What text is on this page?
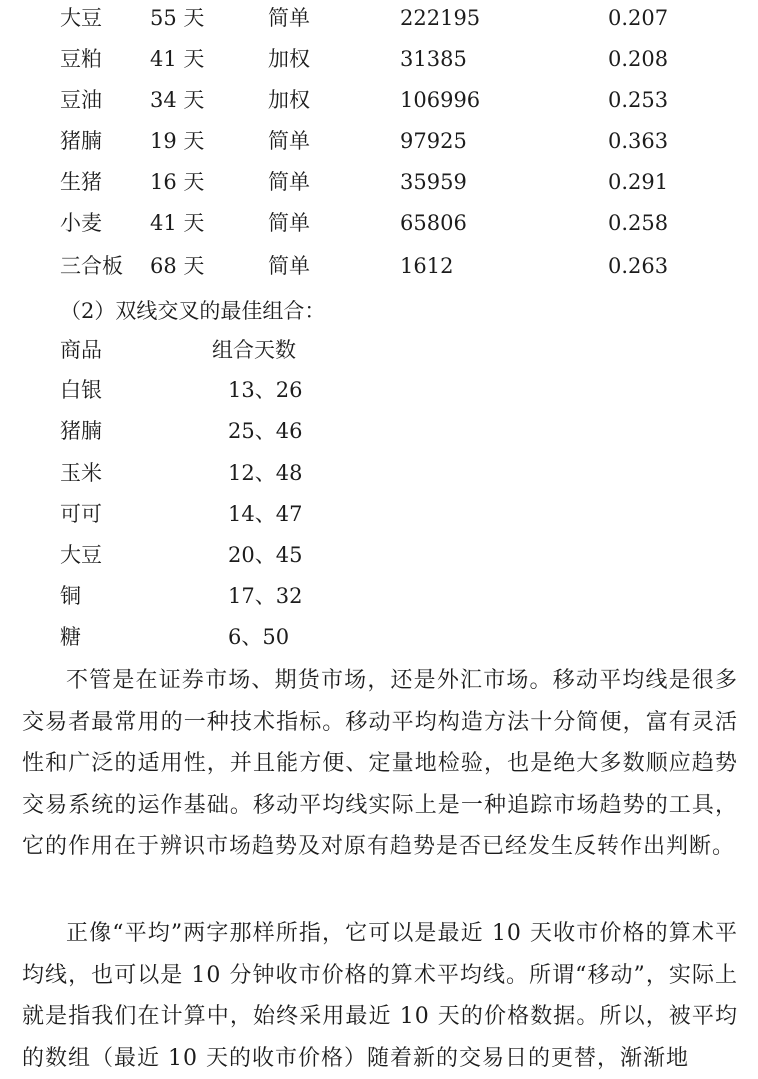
大豆 55 天	简单	222195	0.207
豆粕 41 天	加权	31385	0.208
豆油 34 天	加权	106996	0.253
猪腩 19 天	简单	97925	0.363
生猪 16 天	简单	35959	0.291
小麦 41 天	简单	65806	0.258
三合板 68 天	简单	1612	0.263
（2）双线交叉的最佳组合：
商品	组合天数
白银	13、26
猪腩	25、46
玉米	12、48
可可	14、47
大豆	20、45
铜	17、32
糖	6、50

不管是在证券市场、期货市场，还是外汇市场。移动平均线是很多交易者最常用的一种技术指标。移动平均构造方法十分简便，富有灵活性和广泛的适用性，并且能方便、定量地检验，也是绝大多数顺应趋势交易系统的运作基础。移动平均线实际上是一种追踪市场趋势的工具，它的作用在于辨识市场趋势及对原有趋势是否已经发生反转作出判断。

正像“平均”两字那样所指，它可以是最近 10 天收市价格的算术平均线，也可以是 10 分钟收市价格的算术平均线。所谓“移动”，实际上就是指我们在计算中，始终采用最近 10 天的价格数据。所以，被平均的数组（最近 10 天的收市价格）随着新的交易日的更替，渐渐地
